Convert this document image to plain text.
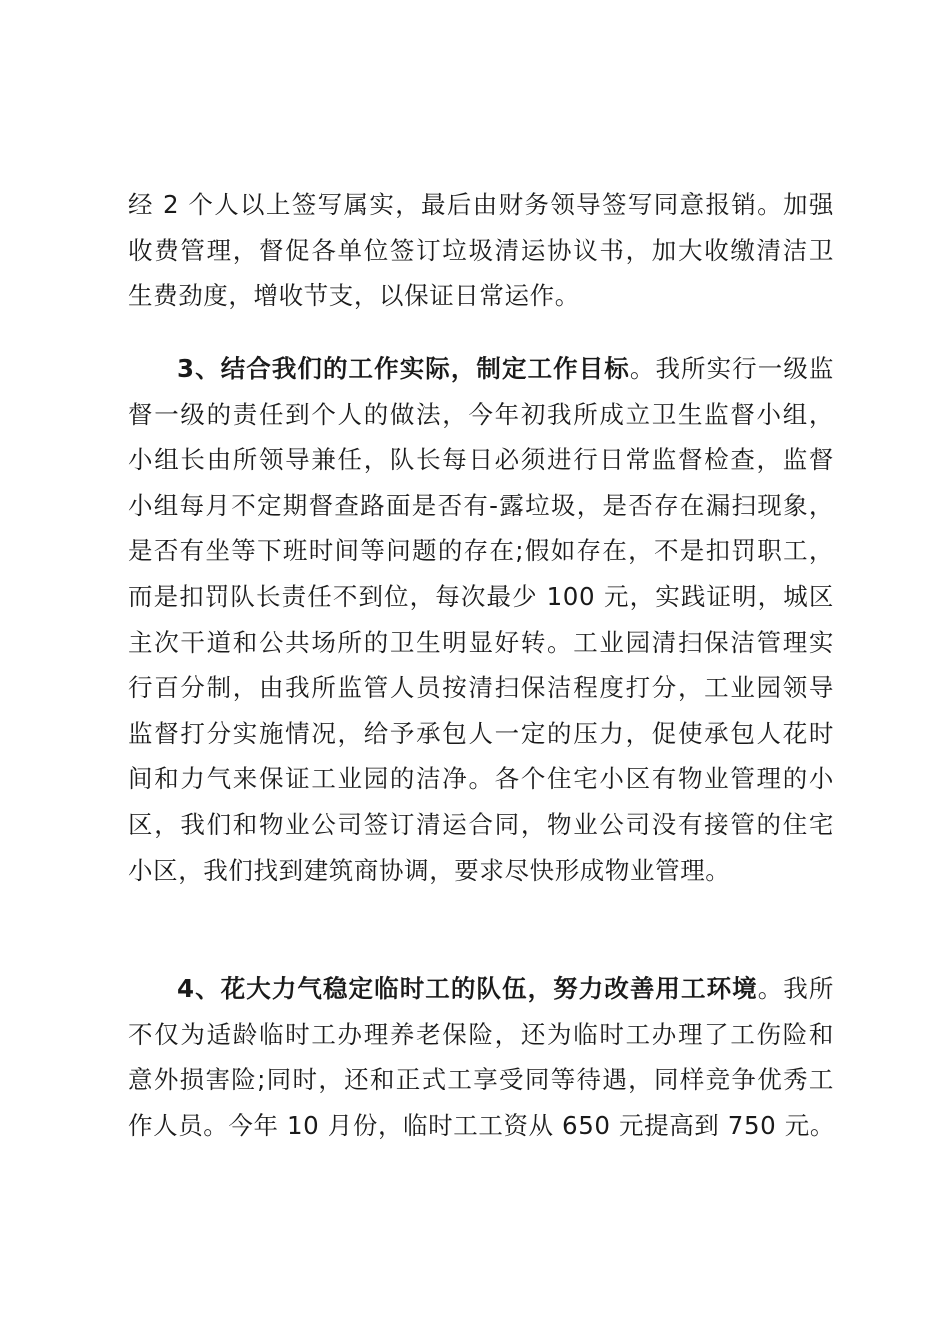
经 2 个人以上签写属实，最后由财务领导签写同意报销。加强
收费管理，督促各单位签订垃圾清运协议书，加大收缴清洁卫
生费劲度，增收节支，以保证日常运作。
3、结合我们的工作实际，制定工作目标。我所实行一级监
督一级的责任到个人的做法，今年初我所成立卫生监督小组，
小组长由所领导兼任，队长每日必须进行日常监督检查，监督
小组每月不定期督查路面是否有-露垃圾，是否存在漏扫现象，
是否有坐等下班时间等问题的存在;假如存在，不是扣罚职工，
而是扣罚队长责任不到位，每次最少 100 元，实践证明，城区
主次干道和公共场所的卫生明显好转。工业园清扫保洁管理实
行百分制，由我所监管人员按清扫保洁程度打分，工业园领导
监督打分实施情况，给予承包人一定的压力，促使承包人花时
间和力气来保证工业园的洁净。各个住宅小区有物业管理的小
区，我们和物业公司签订清运合同，物业公司没有接管的住宅
小区，我们找到建筑商协调，要求尽快形成物业管理。
4、花大力气稳定临时工的队伍，努力改善用工环境。我所
不仅为适龄临时工办理养老保险，还为临时工办理了工伤险和
意外损害险;同时，还和正式工享受同等待遇，同样竞争优秀工
作人员。今年 10 月份，临时工工资从 650 元提高到 750 元。
